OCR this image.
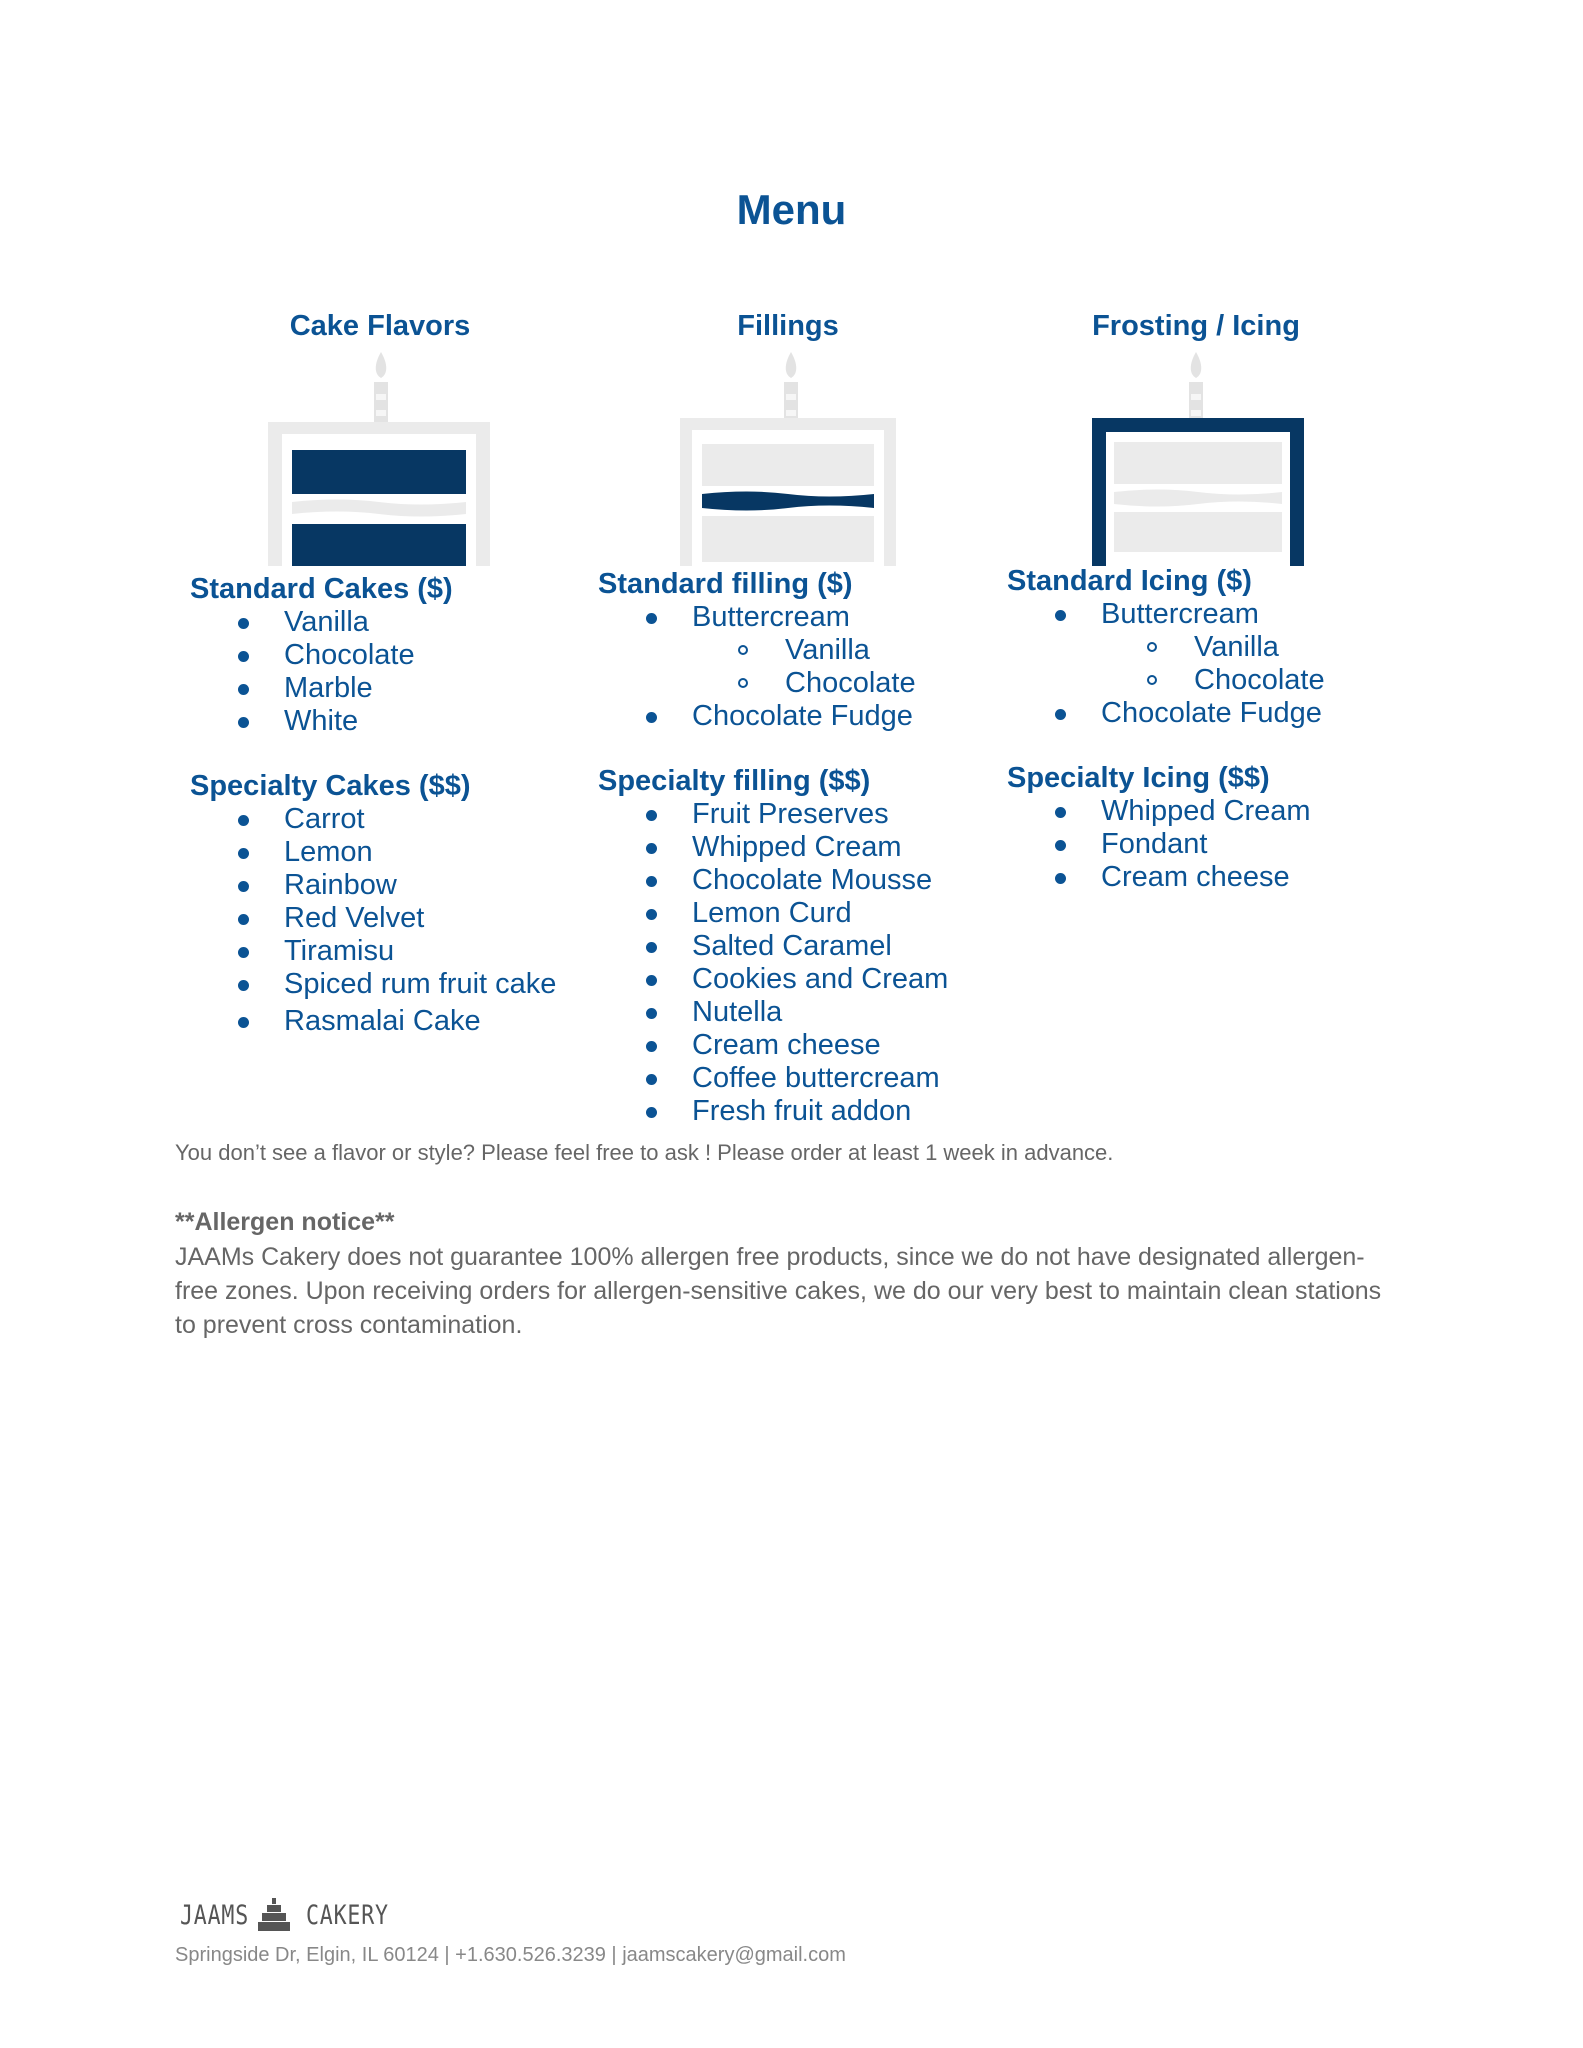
Menu
Cake Flavors	Fillings	Frosting / Icing
Standard Cakes ($)
Vanilla
Chocolate
Marble
White
Specialty Cakes ($$)
Carrot
Lemon
Rainbow
Red Velvet
Tiramisu
Spiced rum fruit cake
Rasmalai Cake
Standard filling ($)
Buttercream
Vanilla
Chocolate
Chocolate Fudge
Specialty filling ($$)
Fruit Preserves
Whipped Cream
Chocolate Mousse
Lemon Curd
Salted Caramel
Cookies and Cream
Nutella
Cream cheese
Coffee buttercream
Fresh fruit addon
Standard Icing ($)
Buttercream
Vanilla
Chocolate
Chocolate Fudge
Specialty Icing ($$)
Whipped Cream
Fondant
Cream cheese
You don’t see a flavor or style? Please feel free to ask ! Please order at least 1 week in advance.
**Allergen notice**
JAAMs Cakery does not guarantee 100% allergen free products, since we do not have designated allergen-free zones. Upon receiving orders for allergen-sensitive cakes, we do our very best to maintain clean stations to prevent cross contamination.
JAAMS CAKERY
Springside Dr, Elgin, IL 60124 | +1.630.526.3239 | jaamscakery@gmail.com
